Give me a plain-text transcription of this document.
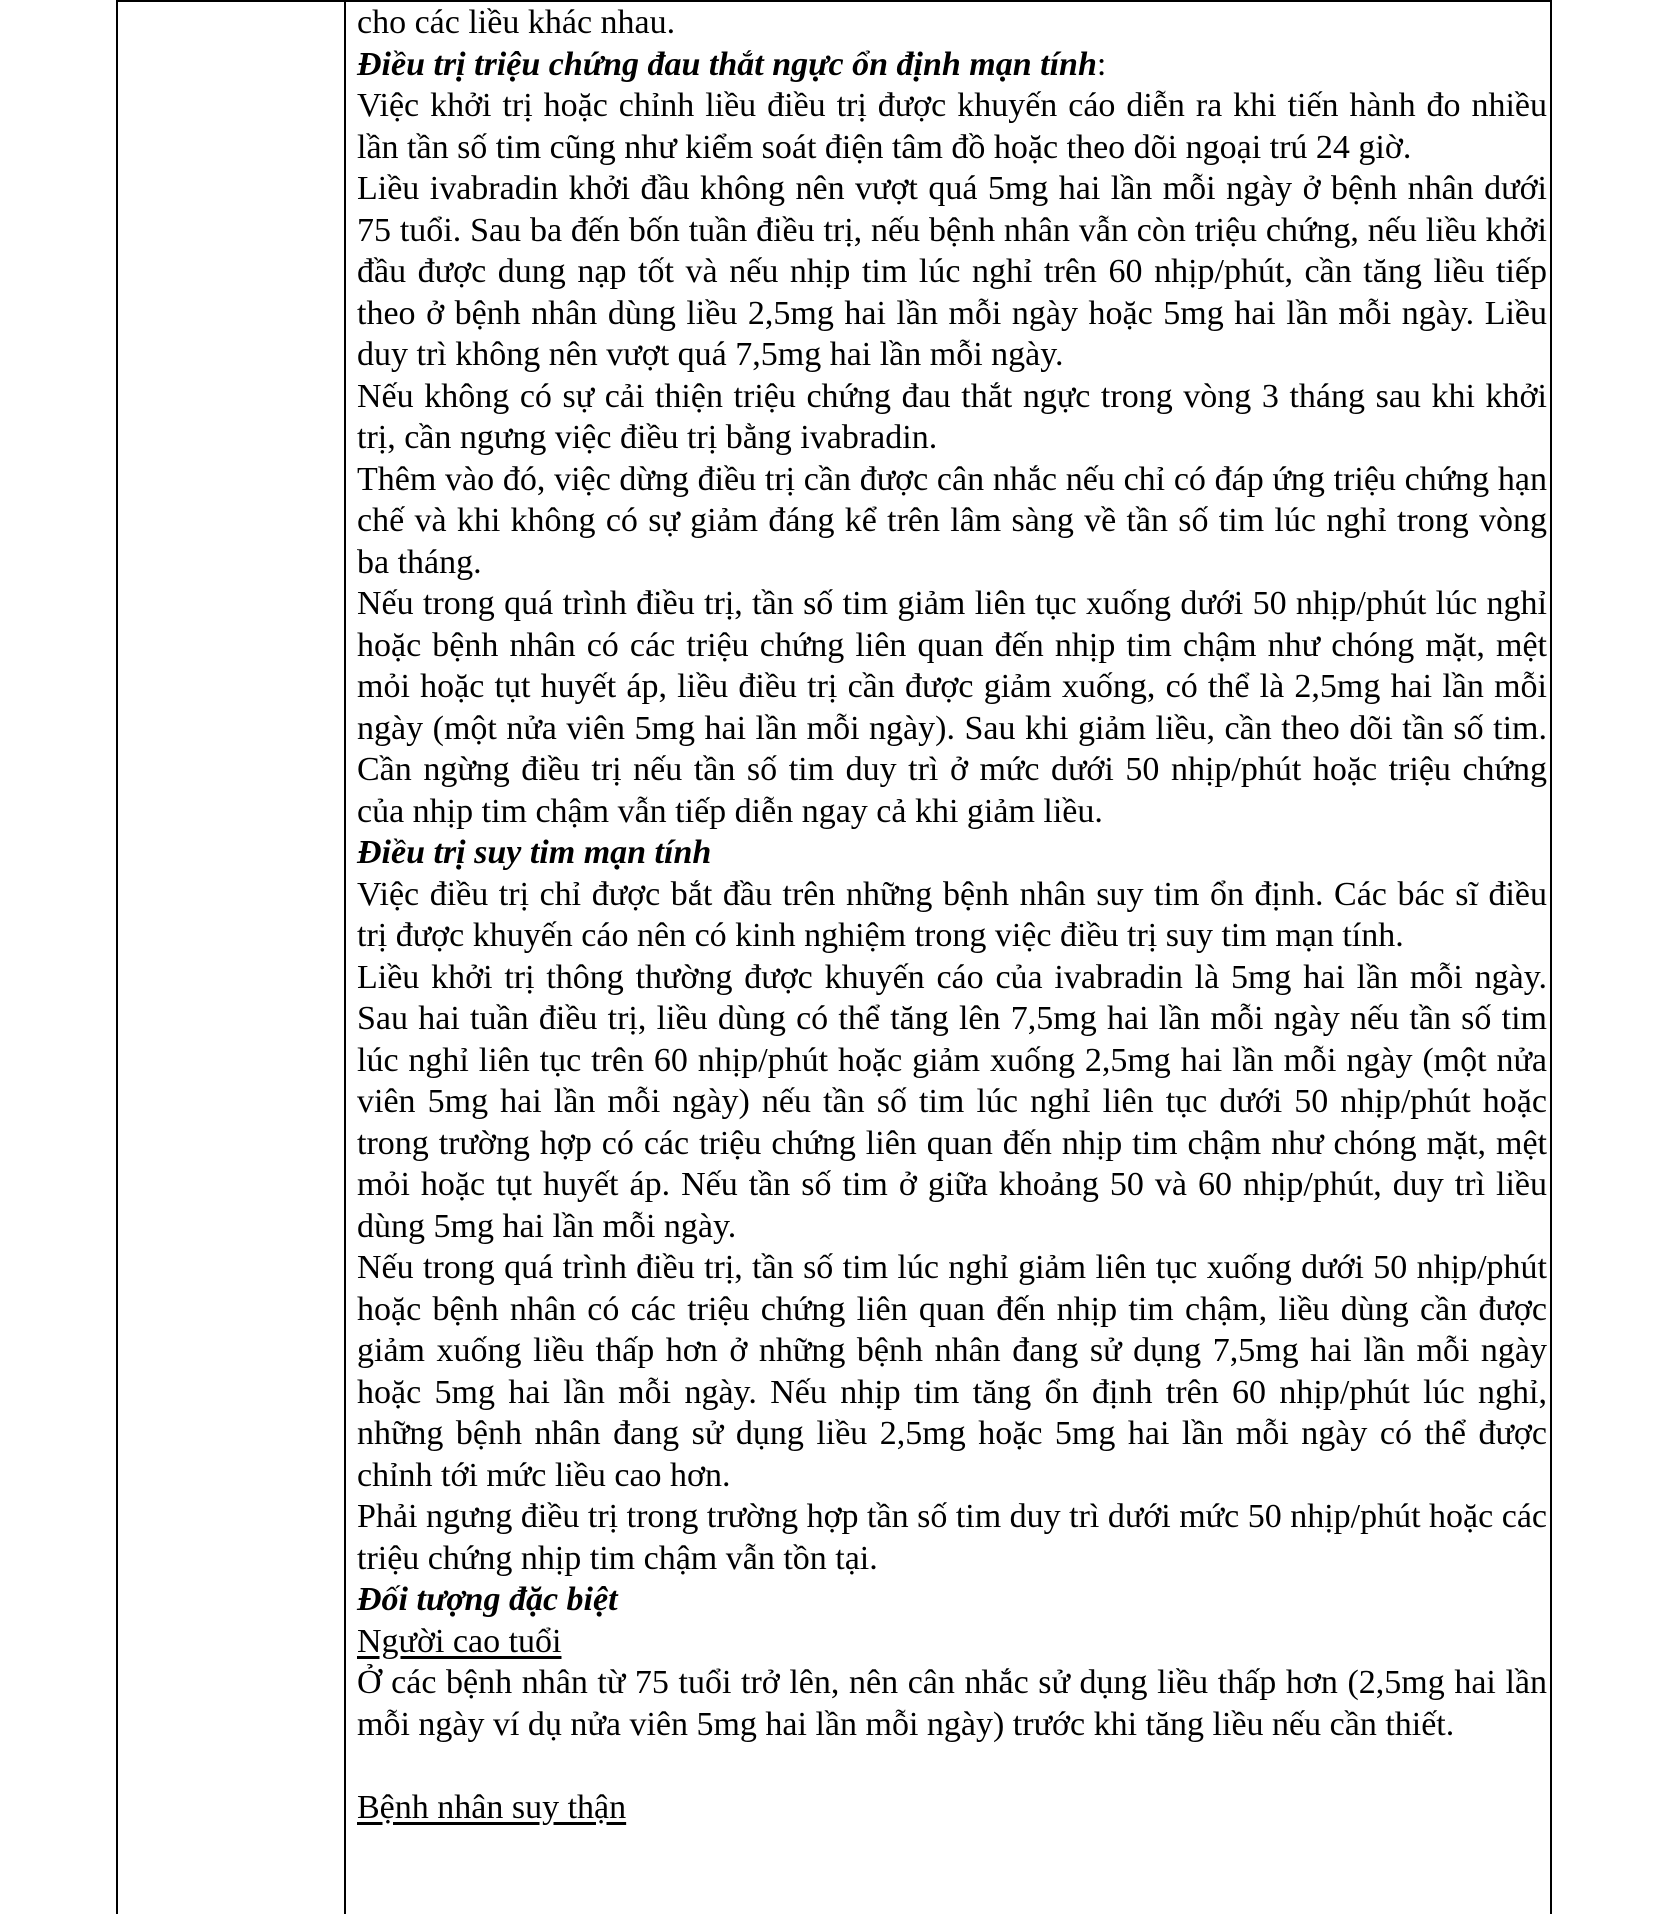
cho các liều khác nhau.

Điều trị triệu chứng đau thắt ngực ổn định mạn tính:

Việc khởi trị hoặc chỉnh liều điều trị được khuyến cáo diễn ra khi tiến hành đo nhiều lần tần số tim cũng như kiểm soát điện tâm đồ hoặc theo dõi ngoại trú 24 giờ.

Liều ivabradin khởi đầu không nên vượt quá 5mg hai lần mỗi ngày ở bệnh nhân dưới 75 tuổi. Sau ba đến bốn tuần điều trị, nếu bệnh nhân vẫn còn triệu chứng, nếu liều khởi đầu được dung nạp tốt và nếu nhịp tim lúc nghỉ trên 60 nhịp/phút, cần tăng liều tiếp theo ở bệnh nhân dùng liều 2,5mg hai lần mỗi ngày hoặc 5mg hai lần mỗi ngày. Liều duy trì không nên vượt quá 7,5mg hai lần mỗi ngày.

Nếu không có sự cải thiện triệu chứng đau thắt ngực trong vòng 3 tháng sau khi khởi trị, cần ngưng việc điều trị bằng ivabradin.

Thêm vào đó, việc dừng điều trị cần được cân nhắc nếu chỉ có đáp ứng triệu chứng hạn chế và khi không có sự giảm đáng kể trên lâm sàng về tần số tim lúc nghỉ trong vòng ba tháng.

Nếu trong quá trình điều trị, tần số tim giảm liên tục xuống dưới 50 nhịp/phút lúc nghỉ hoặc bệnh nhân có các triệu chứng liên quan đến nhịp tim chậm như chóng mặt, mệt mỏi hoặc tụt huyết áp, liều điều trị cần được giảm xuống, có thể là 2,5mg hai lần mỗi ngày (một nửa viên 5mg hai lần mỗi ngày). Sau khi giảm liều, cần theo dõi tần số tim. Cần ngừng điều trị nếu tần số tim duy trì ở mức dưới 50 nhịp/phút hoặc triệu chứng của nhịp tim chậm vẫn tiếp diễn ngay cả khi giảm liều.

Điều trị suy tim mạn tính

Việc điều trị chỉ được bắt đầu trên những bệnh nhân suy tim ổn định. Các bác sĩ điều trị được khuyến cáo nên có kinh nghiệm trong việc điều trị suy tim mạn tính.

Liều khởi trị thông thường được khuyến cáo của ivabradin là 5mg hai lần mỗi ngày. Sau hai tuần điều trị, liều dùng có thể tăng lên 7,5mg hai lần mỗi ngày nếu tần số tim lúc nghỉ liên tục trên 60 nhịp/phút hoặc giảm xuống 2,5mg hai lần mỗi ngày (một nửa viên 5mg hai lần mỗi ngày) nếu tần số tim lúc nghỉ liên tục dưới 50 nhịp/phút hoặc trong trường hợp có các triệu chứng liên quan đến nhịp tim chậm như chóng mặt, mệt mỏi hoặc tụt huyết áp. Nếu tần số tim ở giữa khoảng 50 và 60 nhịp/phút, duy trì liều dùng 5mg hai lần mỗi ngày.

Nếu trong quá trình điều trị, tần số tim lúc nghỉ giảm liên tục xuống dưới 50 nhịp/phút hoặc bệnh nhân có các triệu chứng liên quan đến nhịp tim chậm, liều dùng cần được giảm xuống liều thấp hơn ở những bệnh nhân đang sử dụng 7,5mg hai lần mỗi ngày hoặc 5mg hai lần mỗi ngày. Nếu nhịp tim tăng ổn định trên 60 nhịp/phút lúc nghỉ, những bệnh nhân đang sử dụng liều 2,5mg hoặc 5mg hai lần mỗi ngày có thể được chỉnh tới mức liều cao hơn.

Phải ngưng điều trị trong trường hợp tần số tim duy trì dưới mức 50 nhịp/phút hoặc các triệu chứng nhịp tim chậm vẫn tồn tại.

Đối tượng đặc biệt

Người cao tuổi

Ở các bệnh nhân từ 75 tuổi trở lên, nên cân nhắc sử dụng liều thấp hơn (2,5mg hai lần mỗi ngày ví dụ nửa viên 5mg hai lần mỗi ngày) trước khi tăng liều nếu cần thiết.

Bệnh nhân suy thận
